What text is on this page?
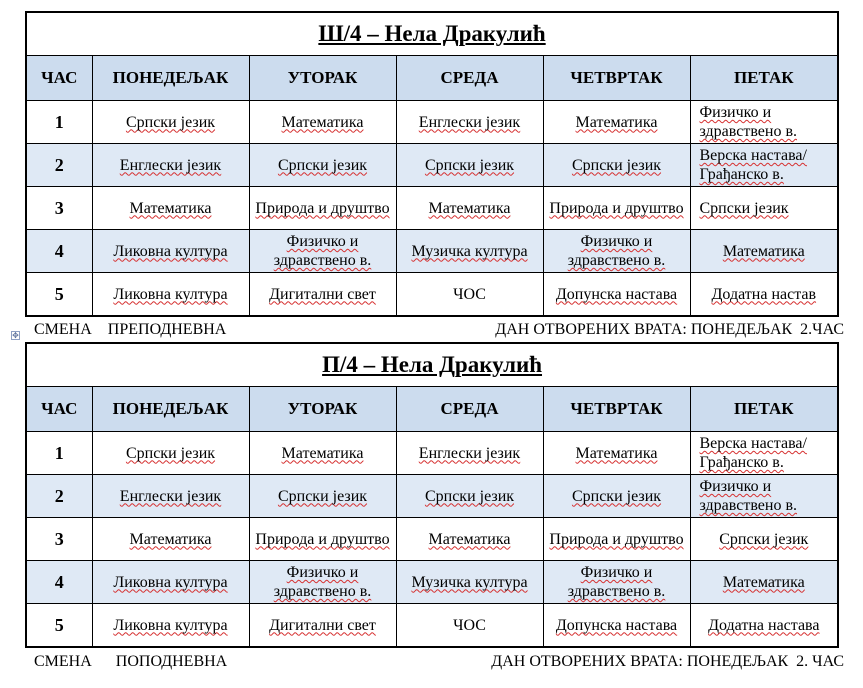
✥
Ш/4 – Нела Дракулић					
ЧАС	ПОНЕДЕЉАК	УТОРАК	СРЕДА	ЧЕТВРТАК	ПЕТАК
1	Српски језик	Математика	Енглески језик	Математика	Физичко и здравствено в.
2	Енглески језик	Српски језик	Српски језик	Српски језик	Верска настава/ Грађанско в.
3	Математика	Природа и друштво	Математика	Природа и друштво	Српски језик
4	Ликовна култура	Физичко и здравствено в.	Музичка култура	Физичко и здравствено в.	Математика
5	Ликовна култура	Дигитални свет	ЧОС	Допунска настава	Додатна настав
СМЕНА    ПРЕПОДНЕВНА	ДАН ОТВОРЕНИХ ВРАТА: ПОНЕДЕЉАК  2.ЧАС
П/4 – Нела Дракулић					
ЧАС	ПОНЕДЕЉАК	УТОРАК	СРЕДА	ЧЕТВРТАК	ПЕТАК
1	Српски језик	Математика	Енглески језик	Математика	Верска настава/ Грађанско в.
2	Енглески језик	Српски језик	Српски језик	Српски језик	Физичко и здравствено в.
3	Математика	Природа и друштво	Математика	Природа и друштво	Српски језик
4	Ликовна култура	Физичко и здравствено в.	Музичка култура	Физичко и здравствено в.	Математика
5	Ликовна култура	Дигитални свет	ЧОС	Допунска настава	Додатна настава
СМЕНА      ПОПОДНЕВНА	ДАН ОТВОРЕНИХ ВРАТА: ПОНЕДЕЉАК  2. ЧАС
